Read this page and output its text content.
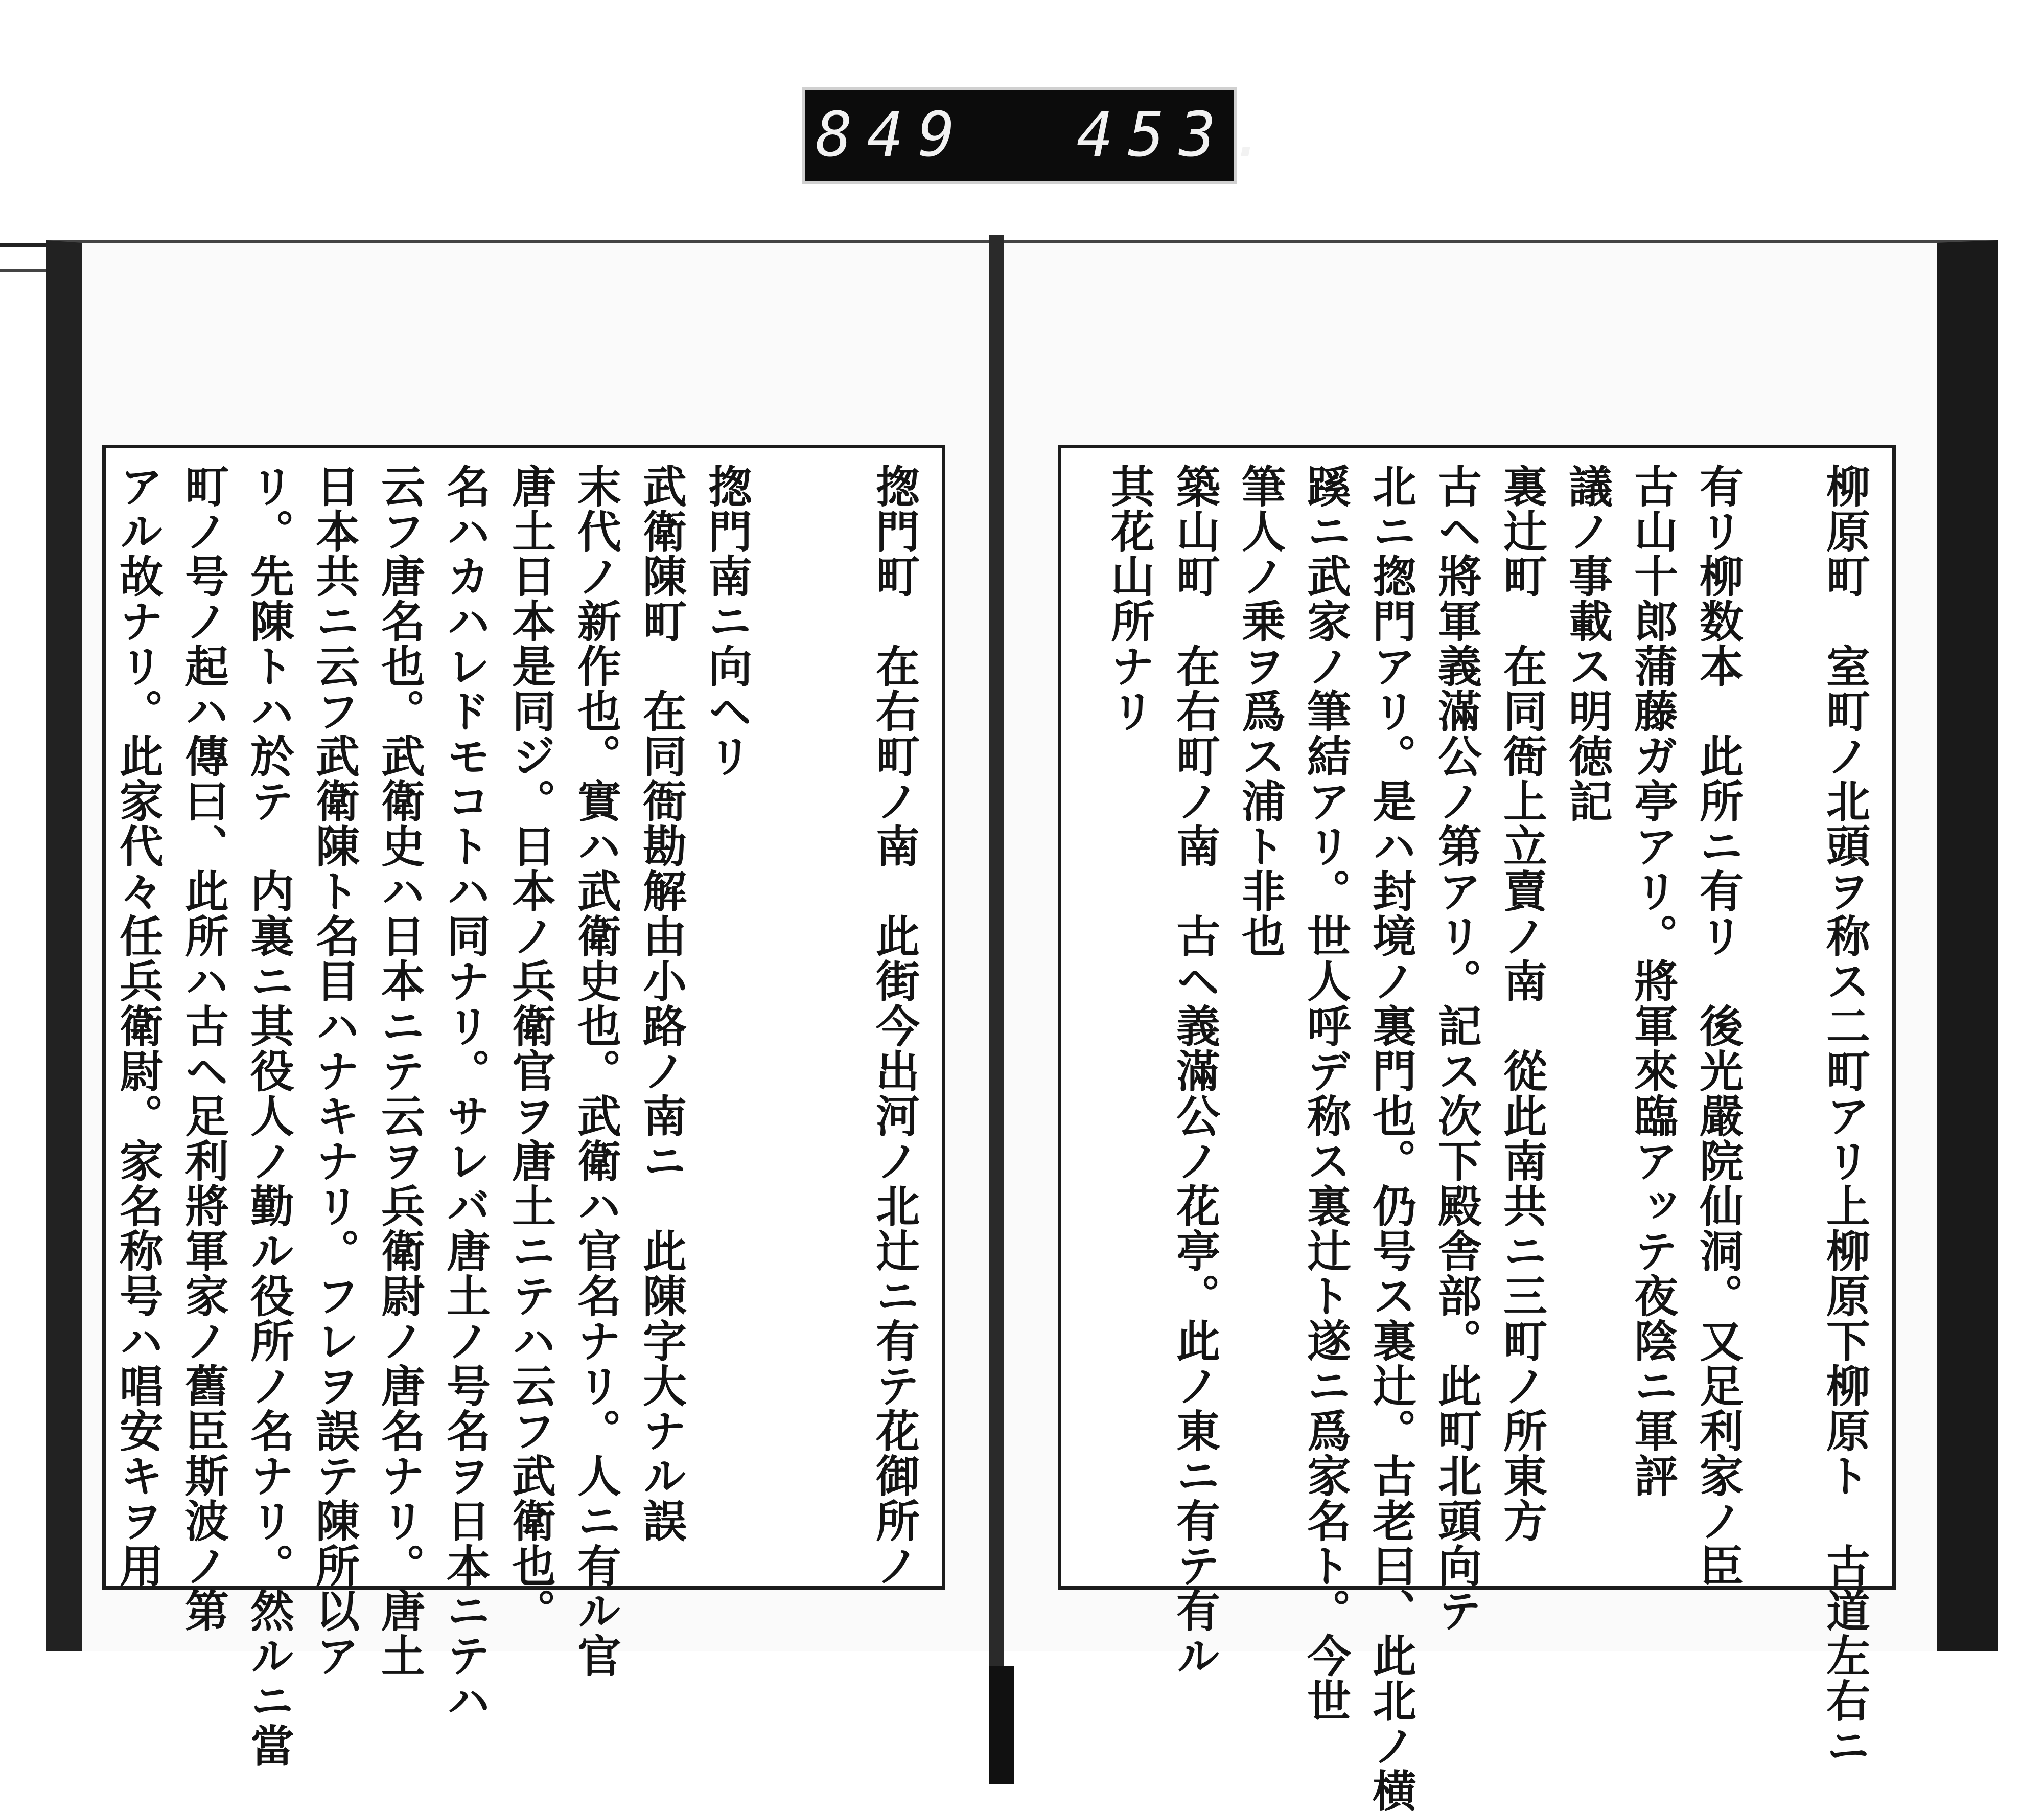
849 453.
揔門町　在右町ノ南　此街今出河ノ北辻ニ有テ花御所ノ
揔門南ニ向ヘリ
武衛陳町　在同衙勘解由小路ノ南ニ　此陳字大ナル誤
末代ノ新作也。實ハ武衛史也。武衛ハ官名ナリ。人ニ有ル官
唐土日本是同ジ。日本ノ兵衛官ヲ唐土ニテハ云フ武衛也。
名ハカハレドモコトハ同ナリ。サレバ唐土ノ号名ヲ日本ニテハ
云フ唐名也。武衛史ハ日本ニテ云ヲ兵衛尉ノ唐名ナリ。唐土
日本共ニ云フ武衛陳ト名目ハナキナリ。フレヲ誤テ陳所以ア
リ。先陳トハ於テ　内裏ニ其役人ノ勤ル役所ノ名ナリ。然ルニ當
町ノ号ノ起ハ傳曰、此所ハ古ヘ足利將軍家ノ舊臣斯波ノ第
アル故ナリ。此家代々任兵衛尉。家名称号ハ唱安キヲ用	柳原町　室町ノ北頭ヲ称ス二町アリ上柳原下柳原ト　古道左右ニ
有リ柳数本　此所ニ有リ　後光嚴院仙洞。又足利家ノ臣
古山十郎蒲藤ガ亭アリ。將軍來臨アッテ夜陰ニ軍評
議ノ事載ス明徳記
裏辻町　在同衙上立賣ノ南　從此南共ニ三町ノ所東方
古ヘ將軍義滿公ノ第アリ。記ス次下殿舎部。此町北頭向テ
北ニ揔門アリ。是ハ封境ノ裏門也。仍号ス裏辻。古老曰、此北ノ横
蹊ニ武家ノ筆結アリ。世人呼デ称ス裏辻ト遂ニ爲家名ト。今世
筆人ノ乗ヲ爲ス浦ト非也
築山町　在右町ノ南　古ヘ義滿公ノ花亭。此ノ東ニ有テ有ル
其花山所ナリ
